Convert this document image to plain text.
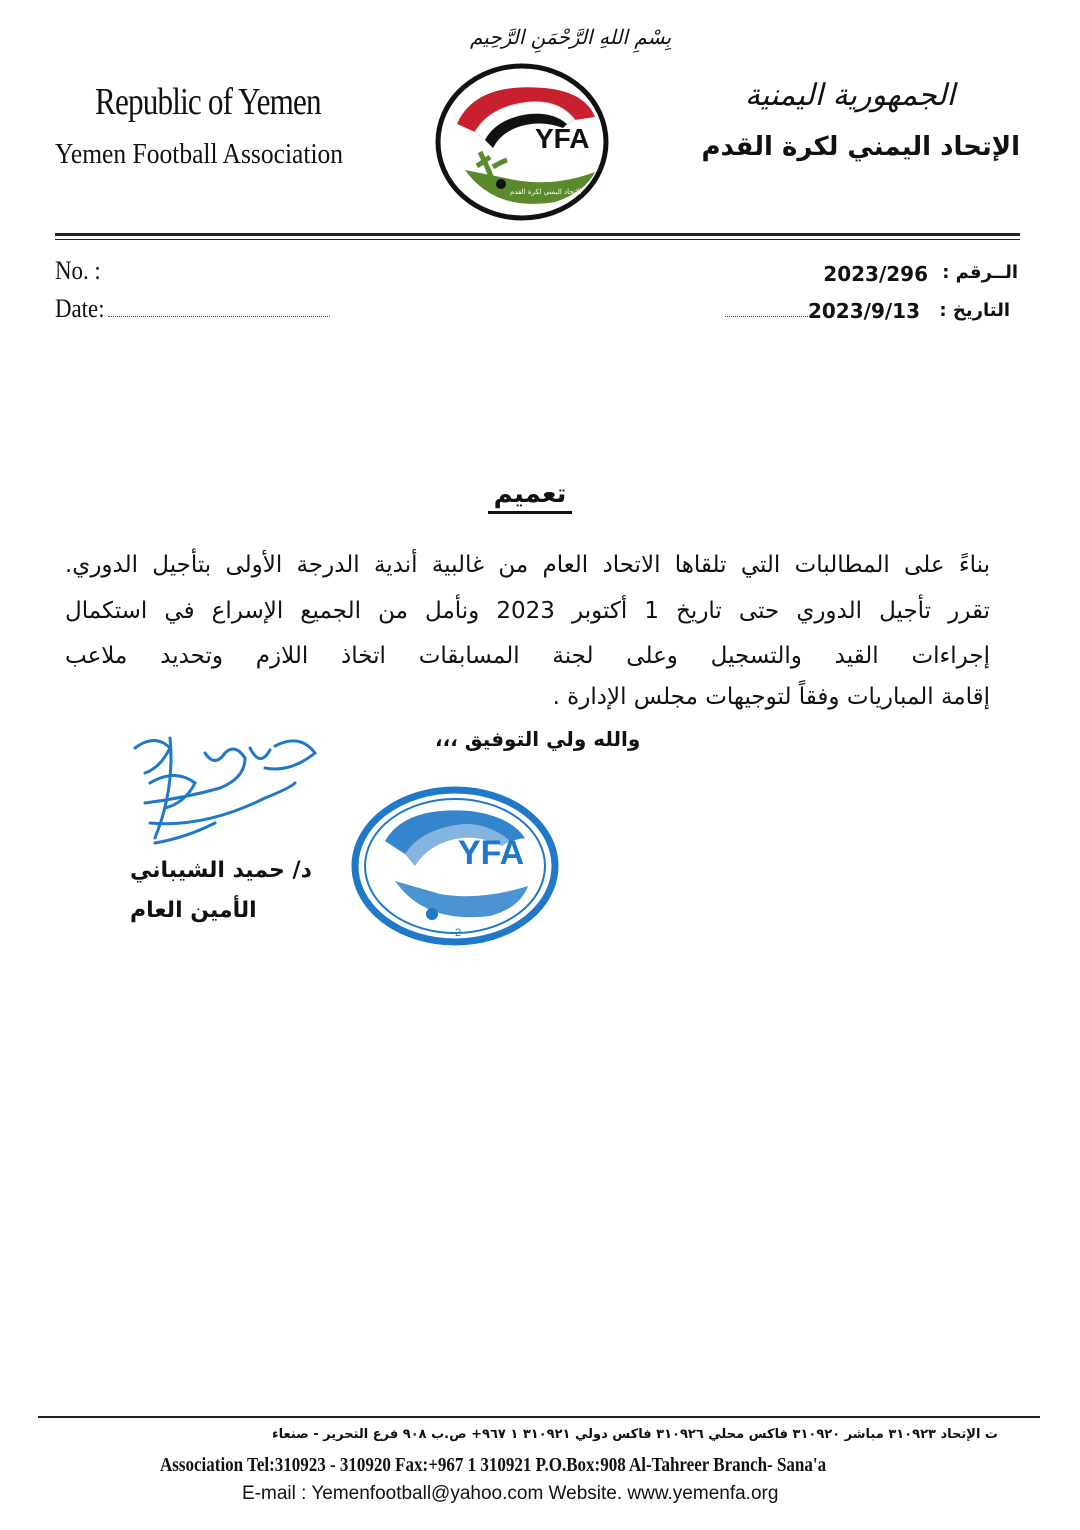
Republic of Yemen
Yemen Football Association
بِسْمِ اللهِ الرَّحْمَنِ الرَّحِيم
YFA
الإتحاد اليمني لكرة القدم
الجمهورية اليمنية
الإتحاد اليمني لكرة القدم
No. :
Date:
2023/296 الــرقم :
2023/9/13 التاريخ :
تعميم
بناءً على المطالبات التي تلقاها الاتحاد العام من غالبية أندية الدرجة الأولى بتأجيل الدوري.
تقرر تأجيل الدوري حتى تاريخ 1 أكتوبر 2023 ونأمل من الجميع الإسراع في استكمال
إجراءات القيد والتسجيل وعلى لجنة المسابقات اتخاذ اللازم وتحديد ملاعب
إقامة المباريات وفقاً لتوجيهات مجلس الإدارة .
والله ولي التوفيق ،،،
د/ حميد الشيباني
الأمين العام
YFA
2
ت الإتحاد ٣١٠٩٢٣ مباشر ٣١٠٩٢٠ فاكس محلي ٣١٠٩٢٦ فاكس دولي ٣١٠٩٢١ ١ ٩٦٧+ ص.ب ٩٠٨ فرع التحرير - صنعاء
Association Tel:310923 - 310920 Fax:+967 1 310921 P.O.Box:908 Al-Tahreer Branch- Sana'a
E-mail : Yemenfootball@yahoo.com Website. www.yemenfa.org
